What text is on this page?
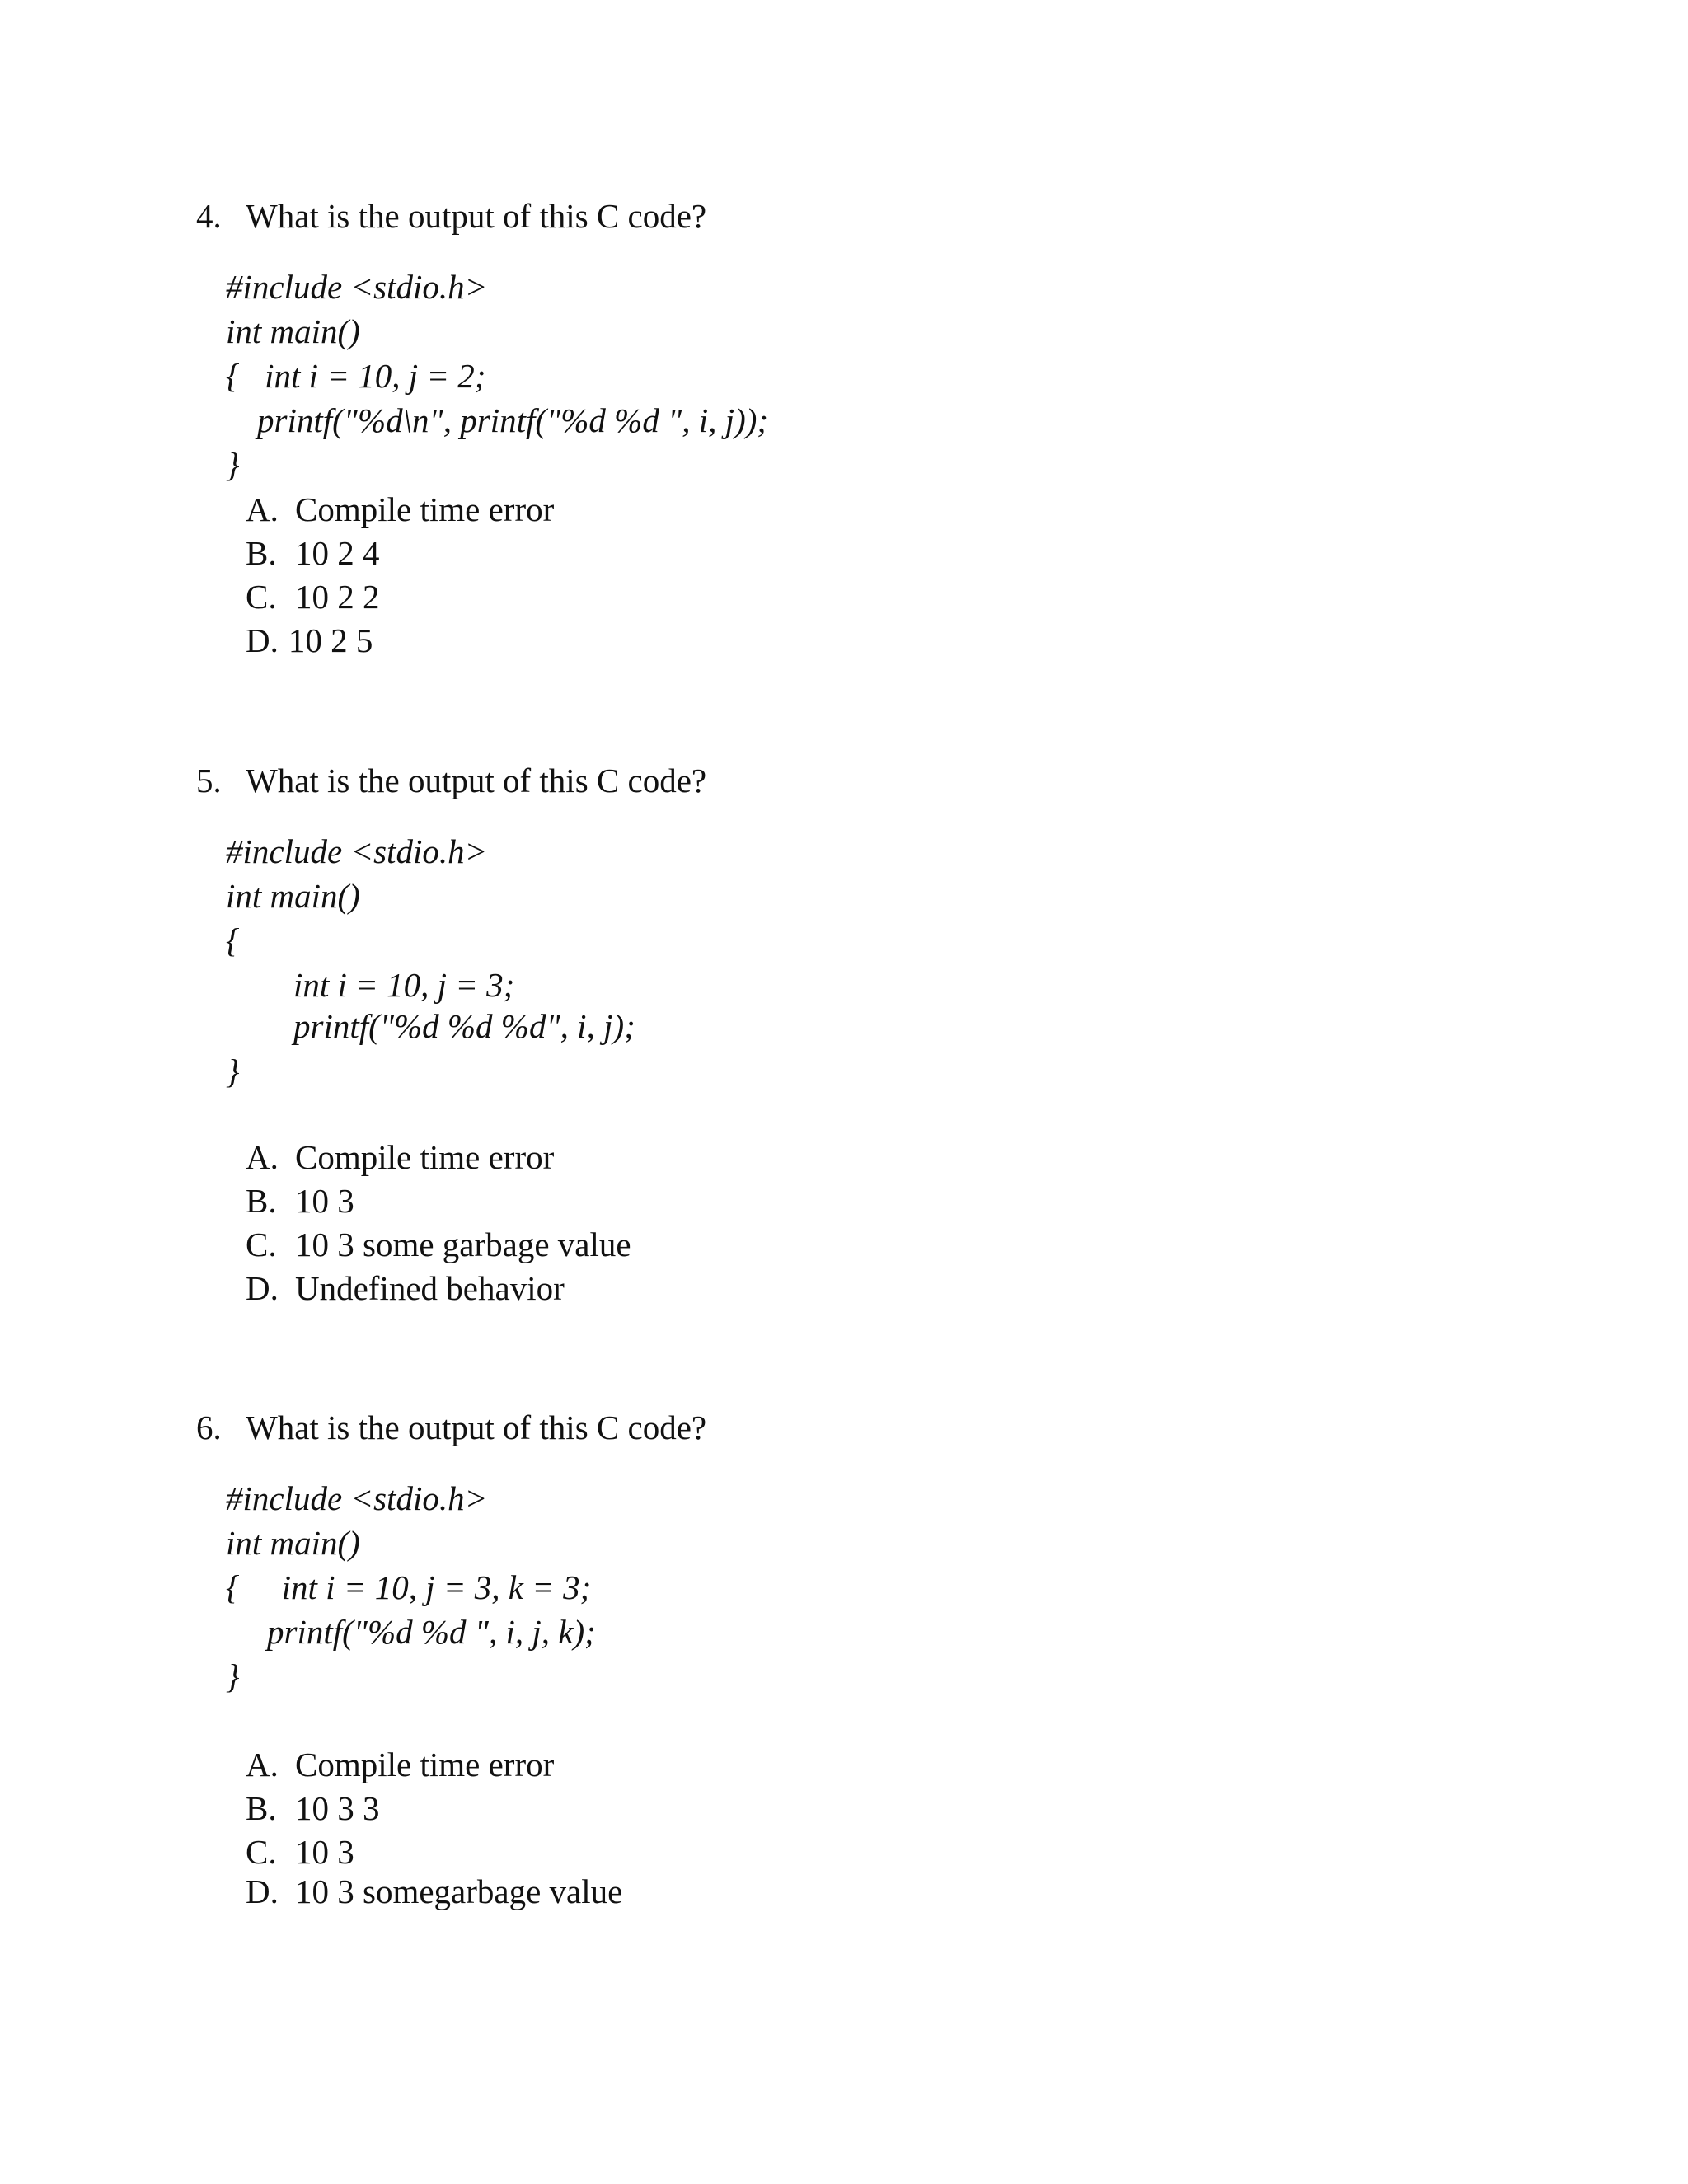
4. What is the output of this C code?
#include <stdio.h>
int main()
{   int i = 10, j = 2;
printf("%d\n", printf("%d %d ", i, j));
}
A. Compile time error
B. 10 2 4
C. 10 2 2
D. 10 2 5
5. What is the output of this C code?
#include <stdio.h>
int main()
{
int i = 10, j = 3;
printf("%d %d %d", i, j);
}
A. Compile time error
B. 10 3
C. 10 3 some garbage value
D. Undefined behavior
6. What is the output of this C code?
#include <stdio.h>
int main()
{     int i = 10, j = 3, k = 3;
printf("%d %d ", i, j, k);
}
A. Compile time error
B. 10 3 3
C. 10 3
D. 10 3 somegarbage value
